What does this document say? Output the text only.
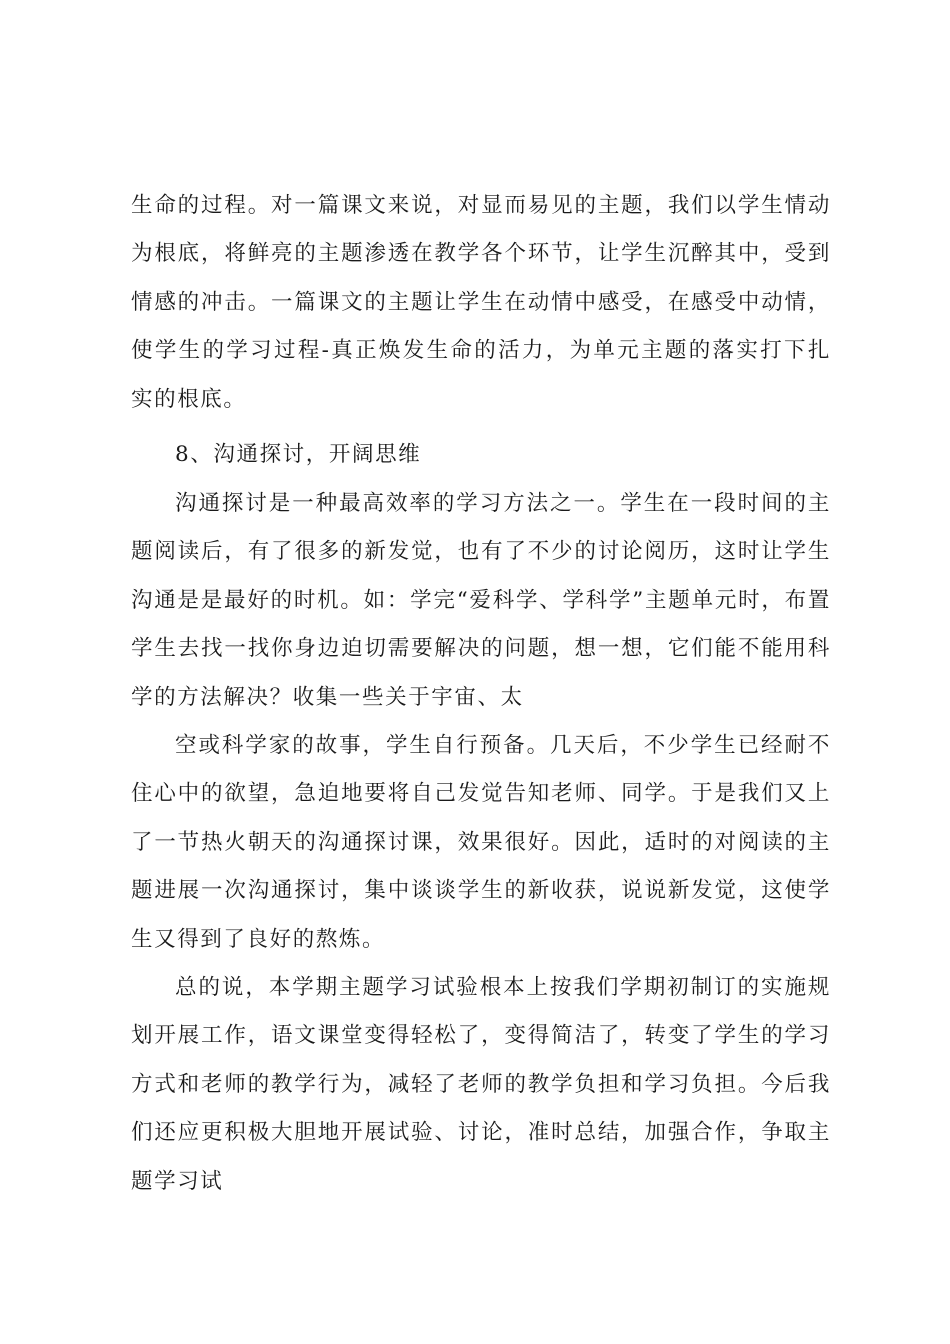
生命的过程。对一篇课文来说，对显而易见的主题，我们以学生情动为根底，将鲜亮的主题渗透在教学各个环节，让学生沉醉其中，受到情感的冲击。一篇课文的主题让学生在动情中感受，在感受中动情，使学生的学习过程-真正焕发生命的活力，为单元主题的落实打下扎实的根底。

8、沟通探讨，开阔思维

沟通探讨是一种最高效率的学习方法之一。学生在一段时间的主题阅读后，有了很多的新发觉，也有了不少的讨论阅历，这时让学生沟通是是最好的时机。如：学完“爱科学、学科学”主题单元时，布置学生去找一找你身边迫切需要解决的问题，想一想，它们能不能用科学的方法解决？收集一些关于宇宙、太

空或科学家的故事，学生自行预备。几天后，不少学生已经耐不住心中的欲望，急迫地要将自己发觉告知老师、同学。于是我们又上了一节热火朝天的沟通探讨课，效果很好。因此，适时的对阅读的主题进展一次沟通探讨，集中谈谈学生的新收获，说说新发觉，这使学生又得到了良好的熬炼。

总的说，本学期主题学习试验根本上按我们学期初制订的实施规划开展工作，语文课堂变得轻松了，变得简洁了，转变了学生的学习方式和老师的教学行为，减轻了老师的教学负担和学习负担。今后我们还应更积极大胆地开展试验、讨论，准时总结，加强合作，争取主题学习试
